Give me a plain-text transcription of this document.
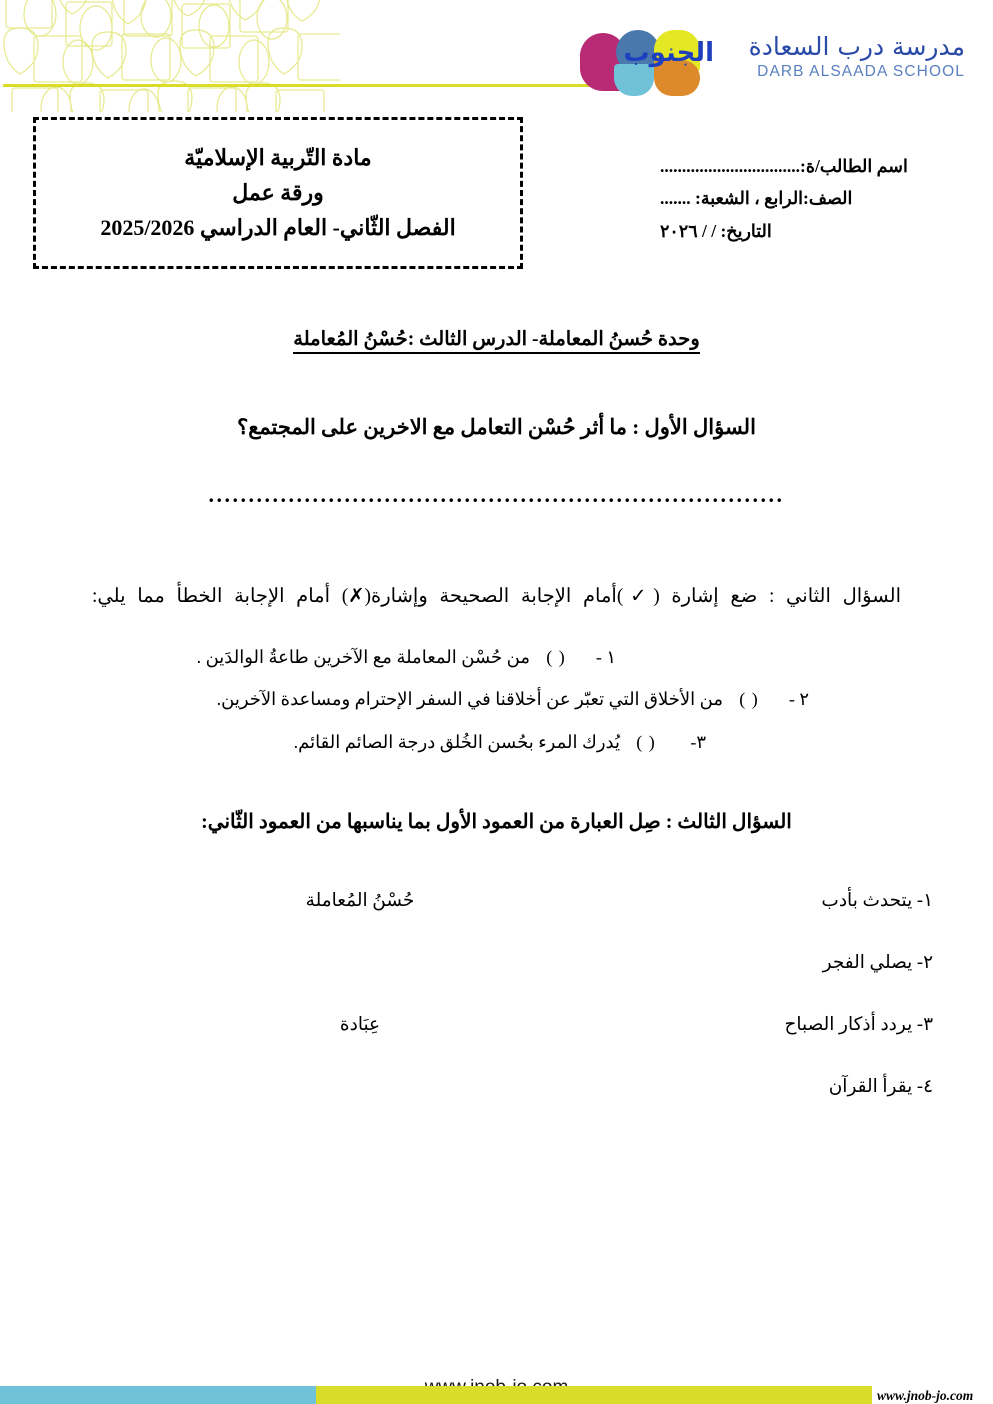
الجنوب	مدرسة درب السعادة
DARB ALSAADA SCHOOL
اسم الطالب/ة:................................
الصف:الرابع ، الشعبة: .......
التاريخ: / / ٢٠٢٦
مادة التّربية الإسلاميّة
ورقة عمل
الفصل الثّاني- العام الدراسي 2025/2026
وحدة حُسنُ المعاملة- الدرس الثالث :حُسْنُ المُعاملة
السؤال الأول : ما أثر حُسْن التعامل مع الاخرين على المجتمع؟
........................................................................
السؤال الثاني : ضع إشارة (✓)أمام الإجابة الصحيحة وإشارة(✗) أمام الإجابة الخطأ مما يلي:
١ -
( )
من حُسْن المعاملة مع الآخرين طاعةُ الوالدَين .
٢ -
( )
من الأخلاق التي تعبّر عن أخلاقنا في السفر الإحترام ومساعدة الآخرين.
٣-
( )
يُدرك المرء بحُسن الخُلق درجة الصائم القائم.
السؤال الثالث : صِل العبارة من العمود الأول بما يناسبها من العمود الثّاني:
١- يتحدث بأدب
٢- يصلي الفجر
٣- يردد أذكار الصباح
٤- يقرأ القرآن
حُسْنُ المُعاملة
عِبَادة
www.jnob-jo.com
